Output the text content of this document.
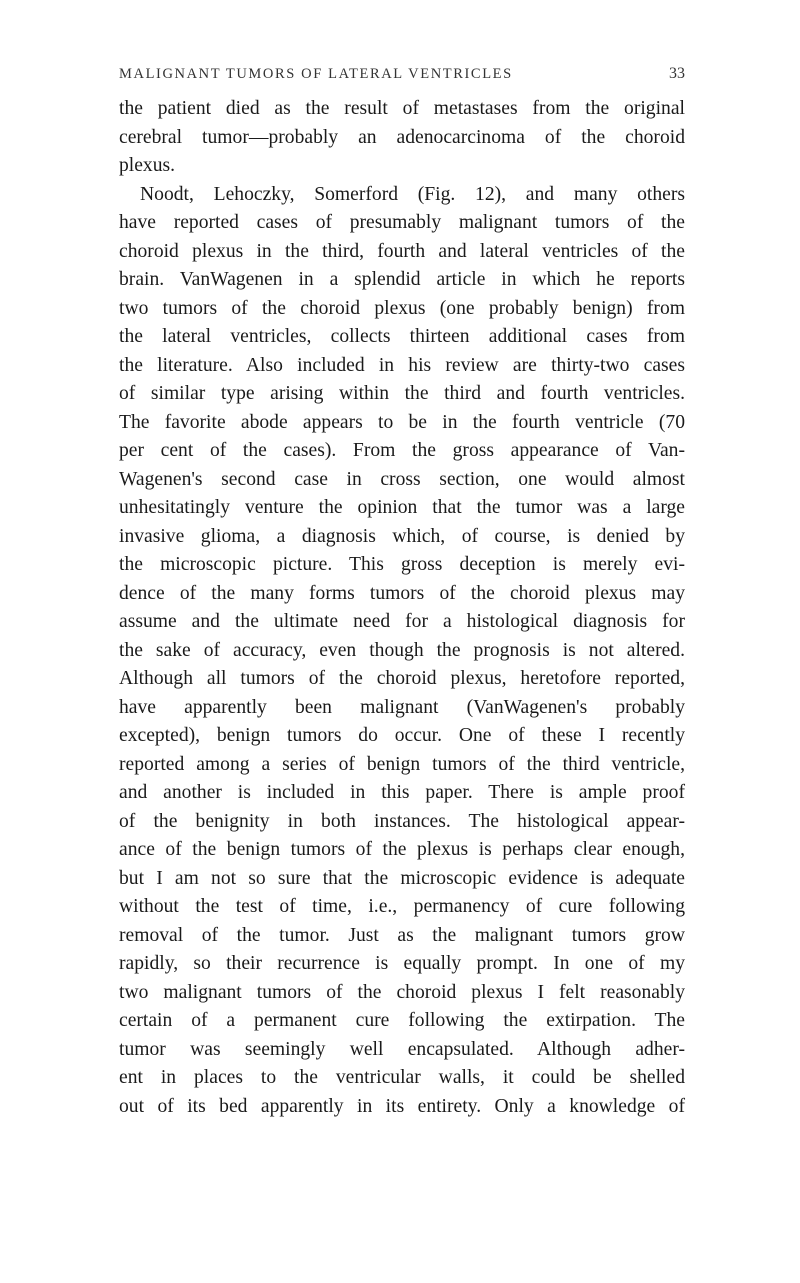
MALIGNANT TUMORS OF LATERAL VENTRICLES	33
the patient died as the result of metastases from the original
cerebral tumor—probably an adenocarcinoma of the choroid
plexus.
Noodt, Lehoczky, Somerford (Fig. 12), and many others
have reported cases of presumably malignant tumors of the
choroid plexus in the third, fourth and lateral ventricles of the
brain. VanWagenen in a splendid article in which he reports
two tumors of the choroid plexus (one probably benign) from
the lateral ventricles, collects thirteen additional cases from
the literature. Also included in his review are thirty-two cases
of similar type arising within the third and fourth ventricles.
The favorite abode appears to be in the fourth ventricle (70
per cent of the cases). From the gross appearance of Van-
Wagenen's second case in cross section, one would almost
unhesitatingly venture the opinion that the tumor was a large
invasive glioma, a diagnosis which, of course, is denied by
the microscopic picture. This gross deception is merely evi-
dence of the many forms tumors of the choroid plexus may
assume and the ultimate need for a histological diagnosis for
the sake of accuracy, even though the prognosis is not altered.
Although all tumors of the choroid plexus, heretofore reported,
have apparently been malignant (VanWagenen's probably
excepted), benign tumors do occur. One of these I recently
reported among a series of benign tumors of the third ventricle,
and another is included in this paper. There is ample proof
of the benignity in both instances. The histological appear-
ance of the benign tumors of the plexus is perhaps clear enough,
but I am not so sure that the microscopic evidence is adequate
without the test of time, i.e., permanency of cure following
removal of the tumor. Just as the malignant tumors grow
rapidly, so their recurrence is equally prompt. In one of my
two malignant tumors of the choroid plexus I felt reasonably
certain of a permanent cure following the extirpation. The
tumor was seemingly well encapsulated. Although adher-
ent in places to the ventricular walls, it could be shelled
out of its bed apparently in its entirety. Only a knowledge of
